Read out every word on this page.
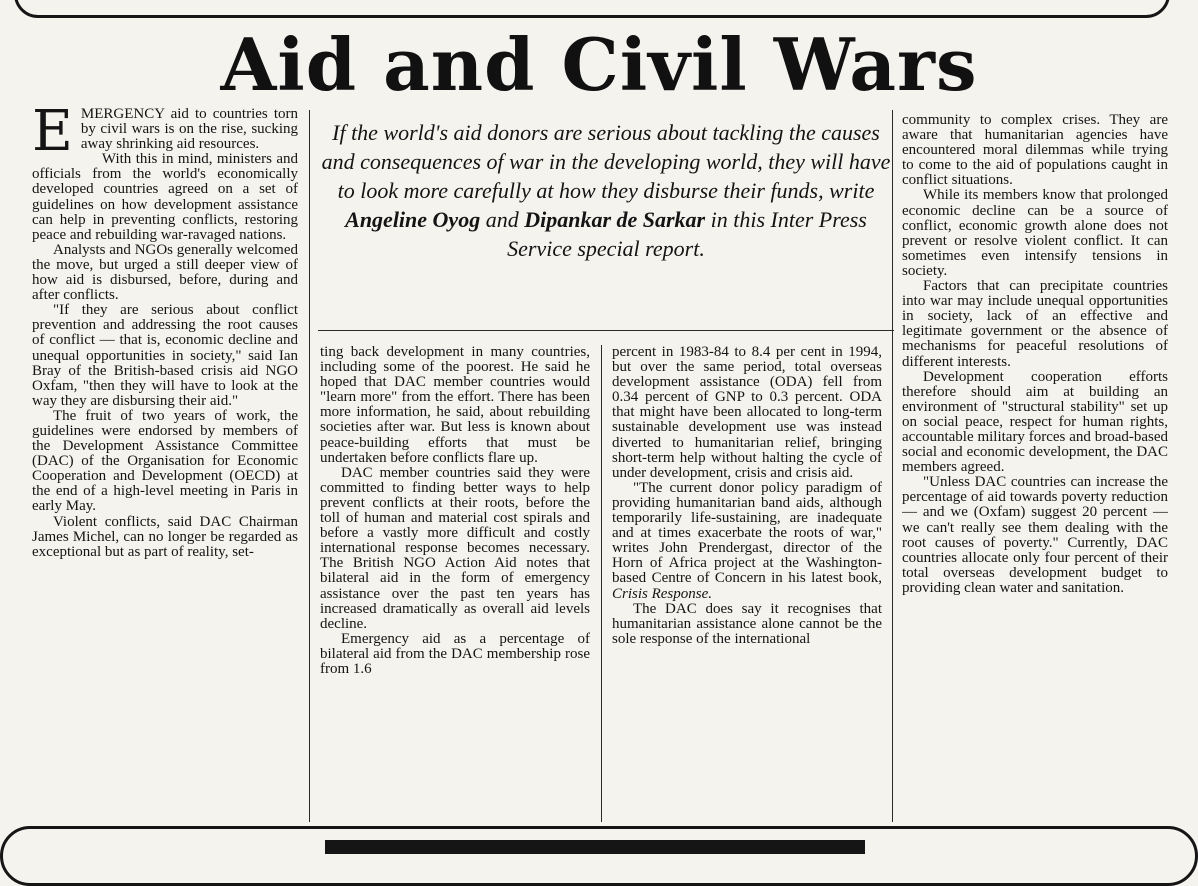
Aid and Civil Wars
If the world's aid donors are serious about tackling the causes and consequences of war in the developing world, they will have to look more carefully at how they disburse their funds, write Angeline Oyog and Dipankar de Sarkar in this Inter Press Service special report.

EMERGENCY aid to countries torn by civil wars is on the rise, sucking away shrinking aid resources.

With this in mind, ministers and officials from the world's economically developed countries agreed on a set of guidelines on how development assistance can help in preventing conflicts, restoring peace and rebuilding war-ravaged nations.

Analysts and NGOs generally welcomed the move, but urged a still deeper view of how aid is disbursed, before, during and after conflicts.

"If they are serious about conflict prevention and addressing the root causes of conflict — that is, economic decline and unequal opportunities in society," said Ian Bray of the British-based crisis aid NGO Oxfam, "then they will have to look at the way they are disbursing their aid."

The fruit of two years of work, the guidelines were endorsed by members of the Development Assistance Committee (DAC) of the Organisation for Economic Cooperation and Development (OECD) at the end of a high-level meeting in Paris in early May.

Violent conflicts, said DAC Chairman James Michel, can no longer be regarded as exceptional but as part of reality, set-

ting back development in many countries, including some of the poorest. He said he hoped that DAC member countries would "learn more" from the effort. There has been more information, he said, about rebuilding societies after war. But less is known about peace-building efforts that must be undertaken before conflicts flare up.

DAC member countries said they were committed to finding better ways to help prevent conflicts at their roots, before the toll of human and material cost spirals and before a vastly more difficult and costly international response becomes necessary. The British NGO Action Aid notes that bilateral aid in the form of emergency assistance over the past ten years has increased dramatically as overall aid levels decline.

Emergency aid as a percentage of bilateral aid from the DAC membership rose from 1.6

percent in 1983-84 to 8.4 per cent in 1994, but over the same period, total overseas development assistance (ODA) fell from 0.34 percent of GNP to 0.3 percent. ODA that might have been allocated to long-term sustainable development use was instead diverted to humanitarian relief, bringing short-term help without halting the cycle of under development, crisis and crisis aid.

"The current donor policy paradigm of providing humanitarian band aids, although temporarily life-sustaining, are inadequate and at times exacerbate the roots of war," writes John Prendergast, director of the Horn of Africa project at the Washington-based Centre of Concern in his latest book, Crisis Response.

The DAC does say it recognises that humanitarian assistance alone cannot be the sole response of the international

community to complex crises. They are aware that humanitarian agencies have encountered moral dilemmas while trying to come to the aid of populations caught in conflict situations.

While its members know that prolonged economic decline can be a source of conflict, economic growth alone does not prevent or resolve violent conflict. It can sometimes even intensify tensions in society.

Factors that can precipitate countries into war may include unequal opportunities in society, lack of an effective and legitimate government or the absence of mechanisms for peaceful resolutions of different interests.

Development cooperation efforts therefore should aim at building an environment of "structural stability" set up on social peace, respect for human rights, accountable military forces and broad-based social and economic development, the DAC members agreed.

"Unless DAC countries can increase the percentage of aid towards poverty reduction — and we (Oxfam) suggest 20 percent — we can't really see them dealing with the root causes of poverty." Currently, DAC countries allocate only four percent of their total overseas development budget to providing clean water and sanitation.
